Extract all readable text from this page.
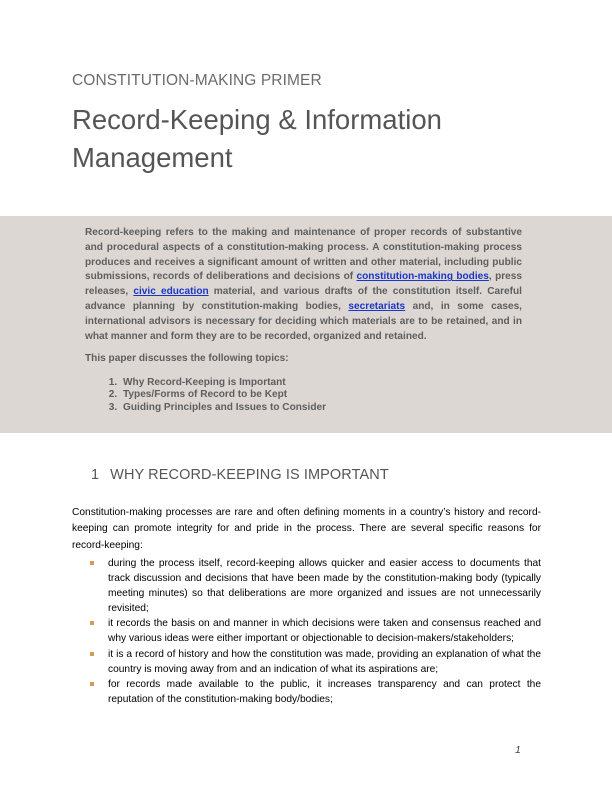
CONSTITUTION-MAKING PRIMER
Record-Keeping & Information Management

Record-keeping refers to the making and maintenance of proper records of substantive and procedural aspects of a constitution-making process. A constitution-making process produces and receives a significant amount of written and other material, including public submissions, records of deliberations and decisions of constitution-making bodies, press releases, civic education material, and various drafts of the constitution itself. Careful advance planning by constitution-making bodies, secretariats and, in some cases, international advisors is necessary for deciding which materials are to be retained, and in what manner and form they are to be recorded, organized and retained.

This paper discusses the following topics:

1. Why Record-Keeping is Important
2. Types/Forms of Record to be Kept
3. Guiding Principles and Issues to Consider
1 WHY RECORD-KEEPING IS IMPORTANT

Constitution-making processes are rare and often defining moments in a country’s history and record-keeping can promote integrity for and pride in the process. There are several specific reasons for record-keeping:

during the process itself, record-keeping allows quicker and easier access to documents that track discussion and decisions that have been made by the constitution-making body (typically meeting minutes) so that deliberations are more organized and issues are not unnecessarily revisited;
it records the basis on and manner in which decisions were taken and consensus reached and why various ideas were either important or objectionable to decision-makers/stakeholders;
it is a record of history and how the constitution was made, providing an explanation of what the country is moving away from and an indication of what its aspirations are;
for records made available to the public, it increases transparency and can protect the reputation of the constitution-making body/bodies;
1
